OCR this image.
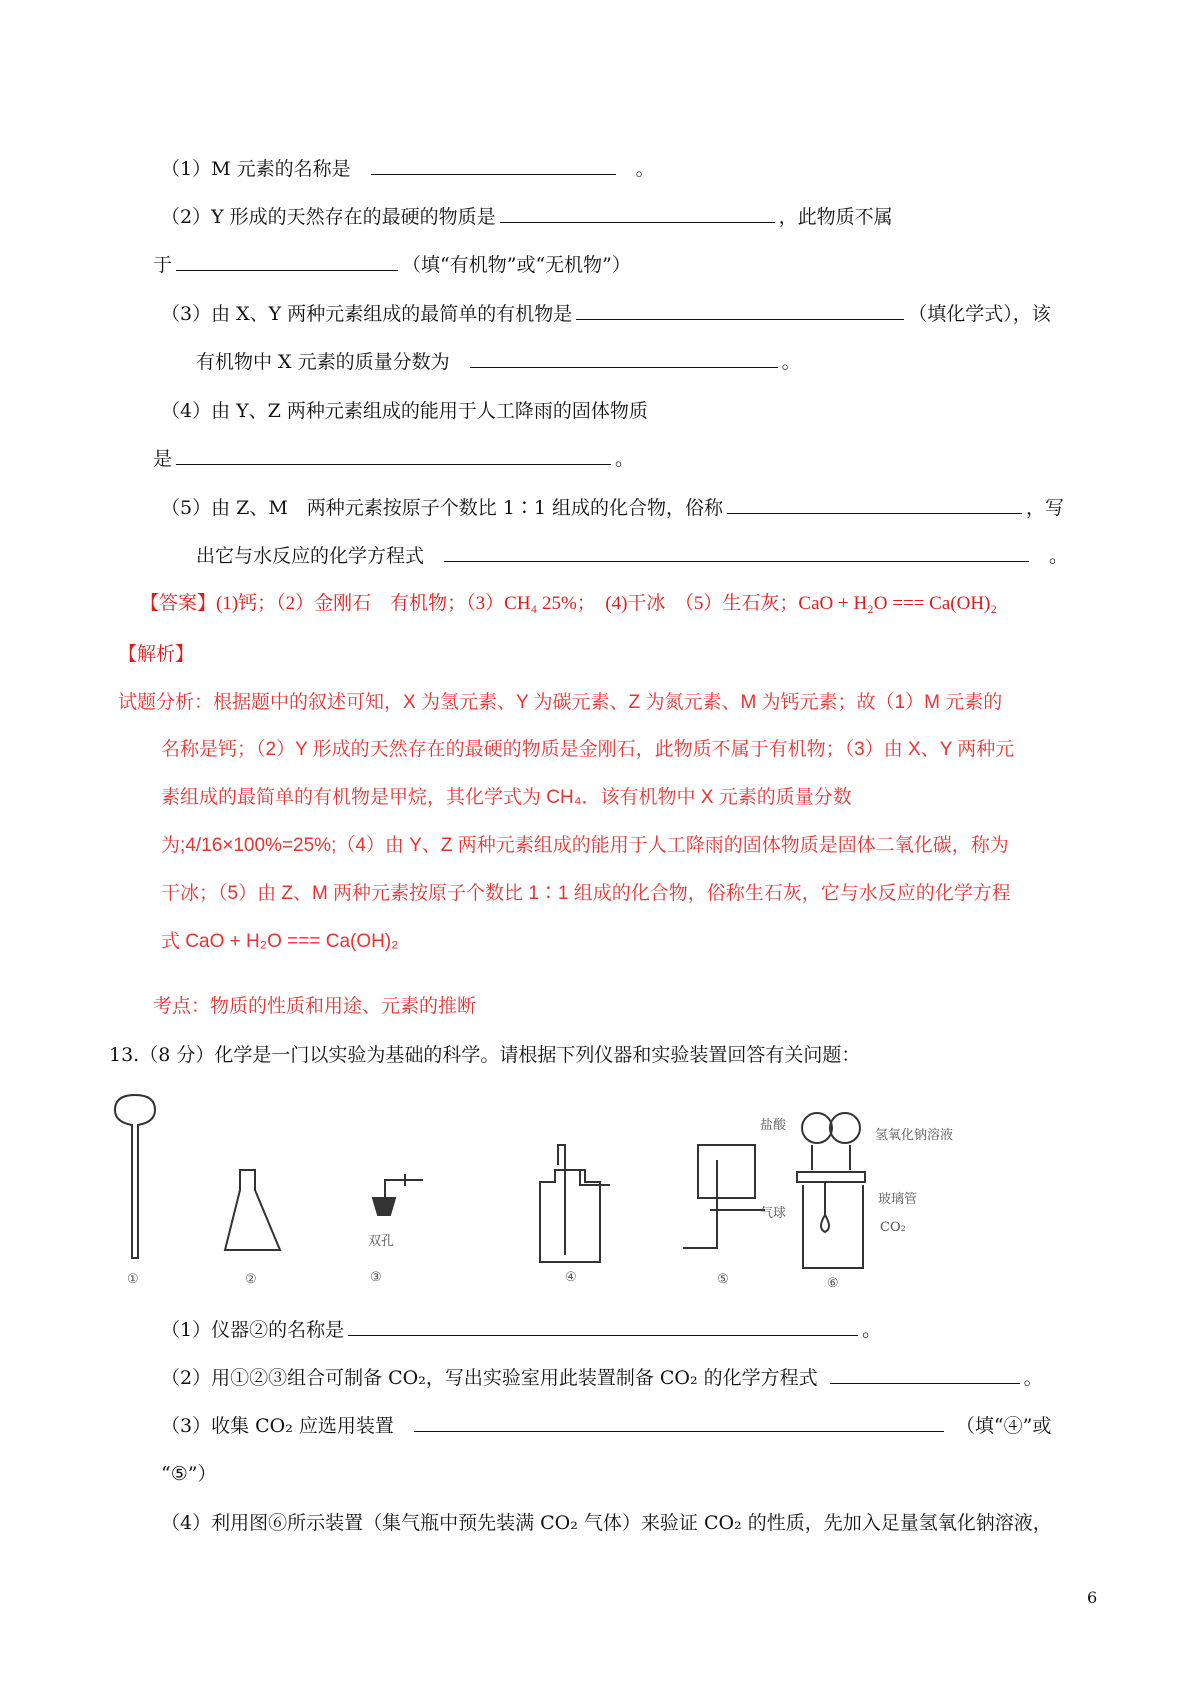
（1）M 元素的名称是	。
（2）Y 形成的天然存在的最硬的物质是	，此物质不属
于	（填“有机物”或“无机物”）
（3）由 X、Y 两种元素组成的最简单的有机物是	（填化学式），该
有机物中 X 元素的质量分数为	。
（4）由 Y、Z 两种元素组成的能用于人工降雨的固体物质
是	。
（5）由 Z、M　两种元素按原子个数比 1∶1 组成的化合物，俗称	，写
出它与水反应的化学方程式	。
【答案】(1)钙；（2）金刚石　有机物；（3）CH₄ 25%；　(4)干冰　（5）生石灰；CaO + H₂O === Ca(OH)₂
【解析】
试题分析：根据题中的叙述可知，X 为氢元素、Y 为碳元素、Z 为氮元素、M 为钙元素；故（1）M 元素的
名称是钙；（2）Y 形成的天然存在的最硬的物质是金刚石，此物质不属于有机物；（3）由 X、Y 两种元
素组成的最简单的有机物是甲烷，其化学式为 CH₄．该有机物中 X 元素的质量分数
为;4/16×100%=25%;（4）由 Y、Z 两种元素组成的能用于人工降雨的固体物质是固体二氧化碳，称为
干冰；（5）由 Z、M 两种元素按原子个数比 1∶1 组成的化合物，俗称生石灰，它与水反应的化学方程
式 CaO + H₂O === Ca(OH)₂
考点：物质的性质和用途、元素的推断
13.（8 分）化学是一门以实验为基础的科学。请根据下列仪器和实验装置回答有关问题：
双孔
盐酸
氢氧化钠溶液
玻璃管
气球
CO₂
①	②	③	④	⑤	⑥
（1）仪器②的名称是	。
（2）用①②③组合可制备 CO₂，写出实验室用此装置制备 CO₂ 的化学方程式	。
（3）收集 CO₂ 应选用装置	（填“④”或
“⑤”）
（4）利用图⑥所示装置（集气瓶中预先装满 CO₂ 气体）来验证 CO₂ 的性质，先加入足量氢氧化钠溶液，
6
